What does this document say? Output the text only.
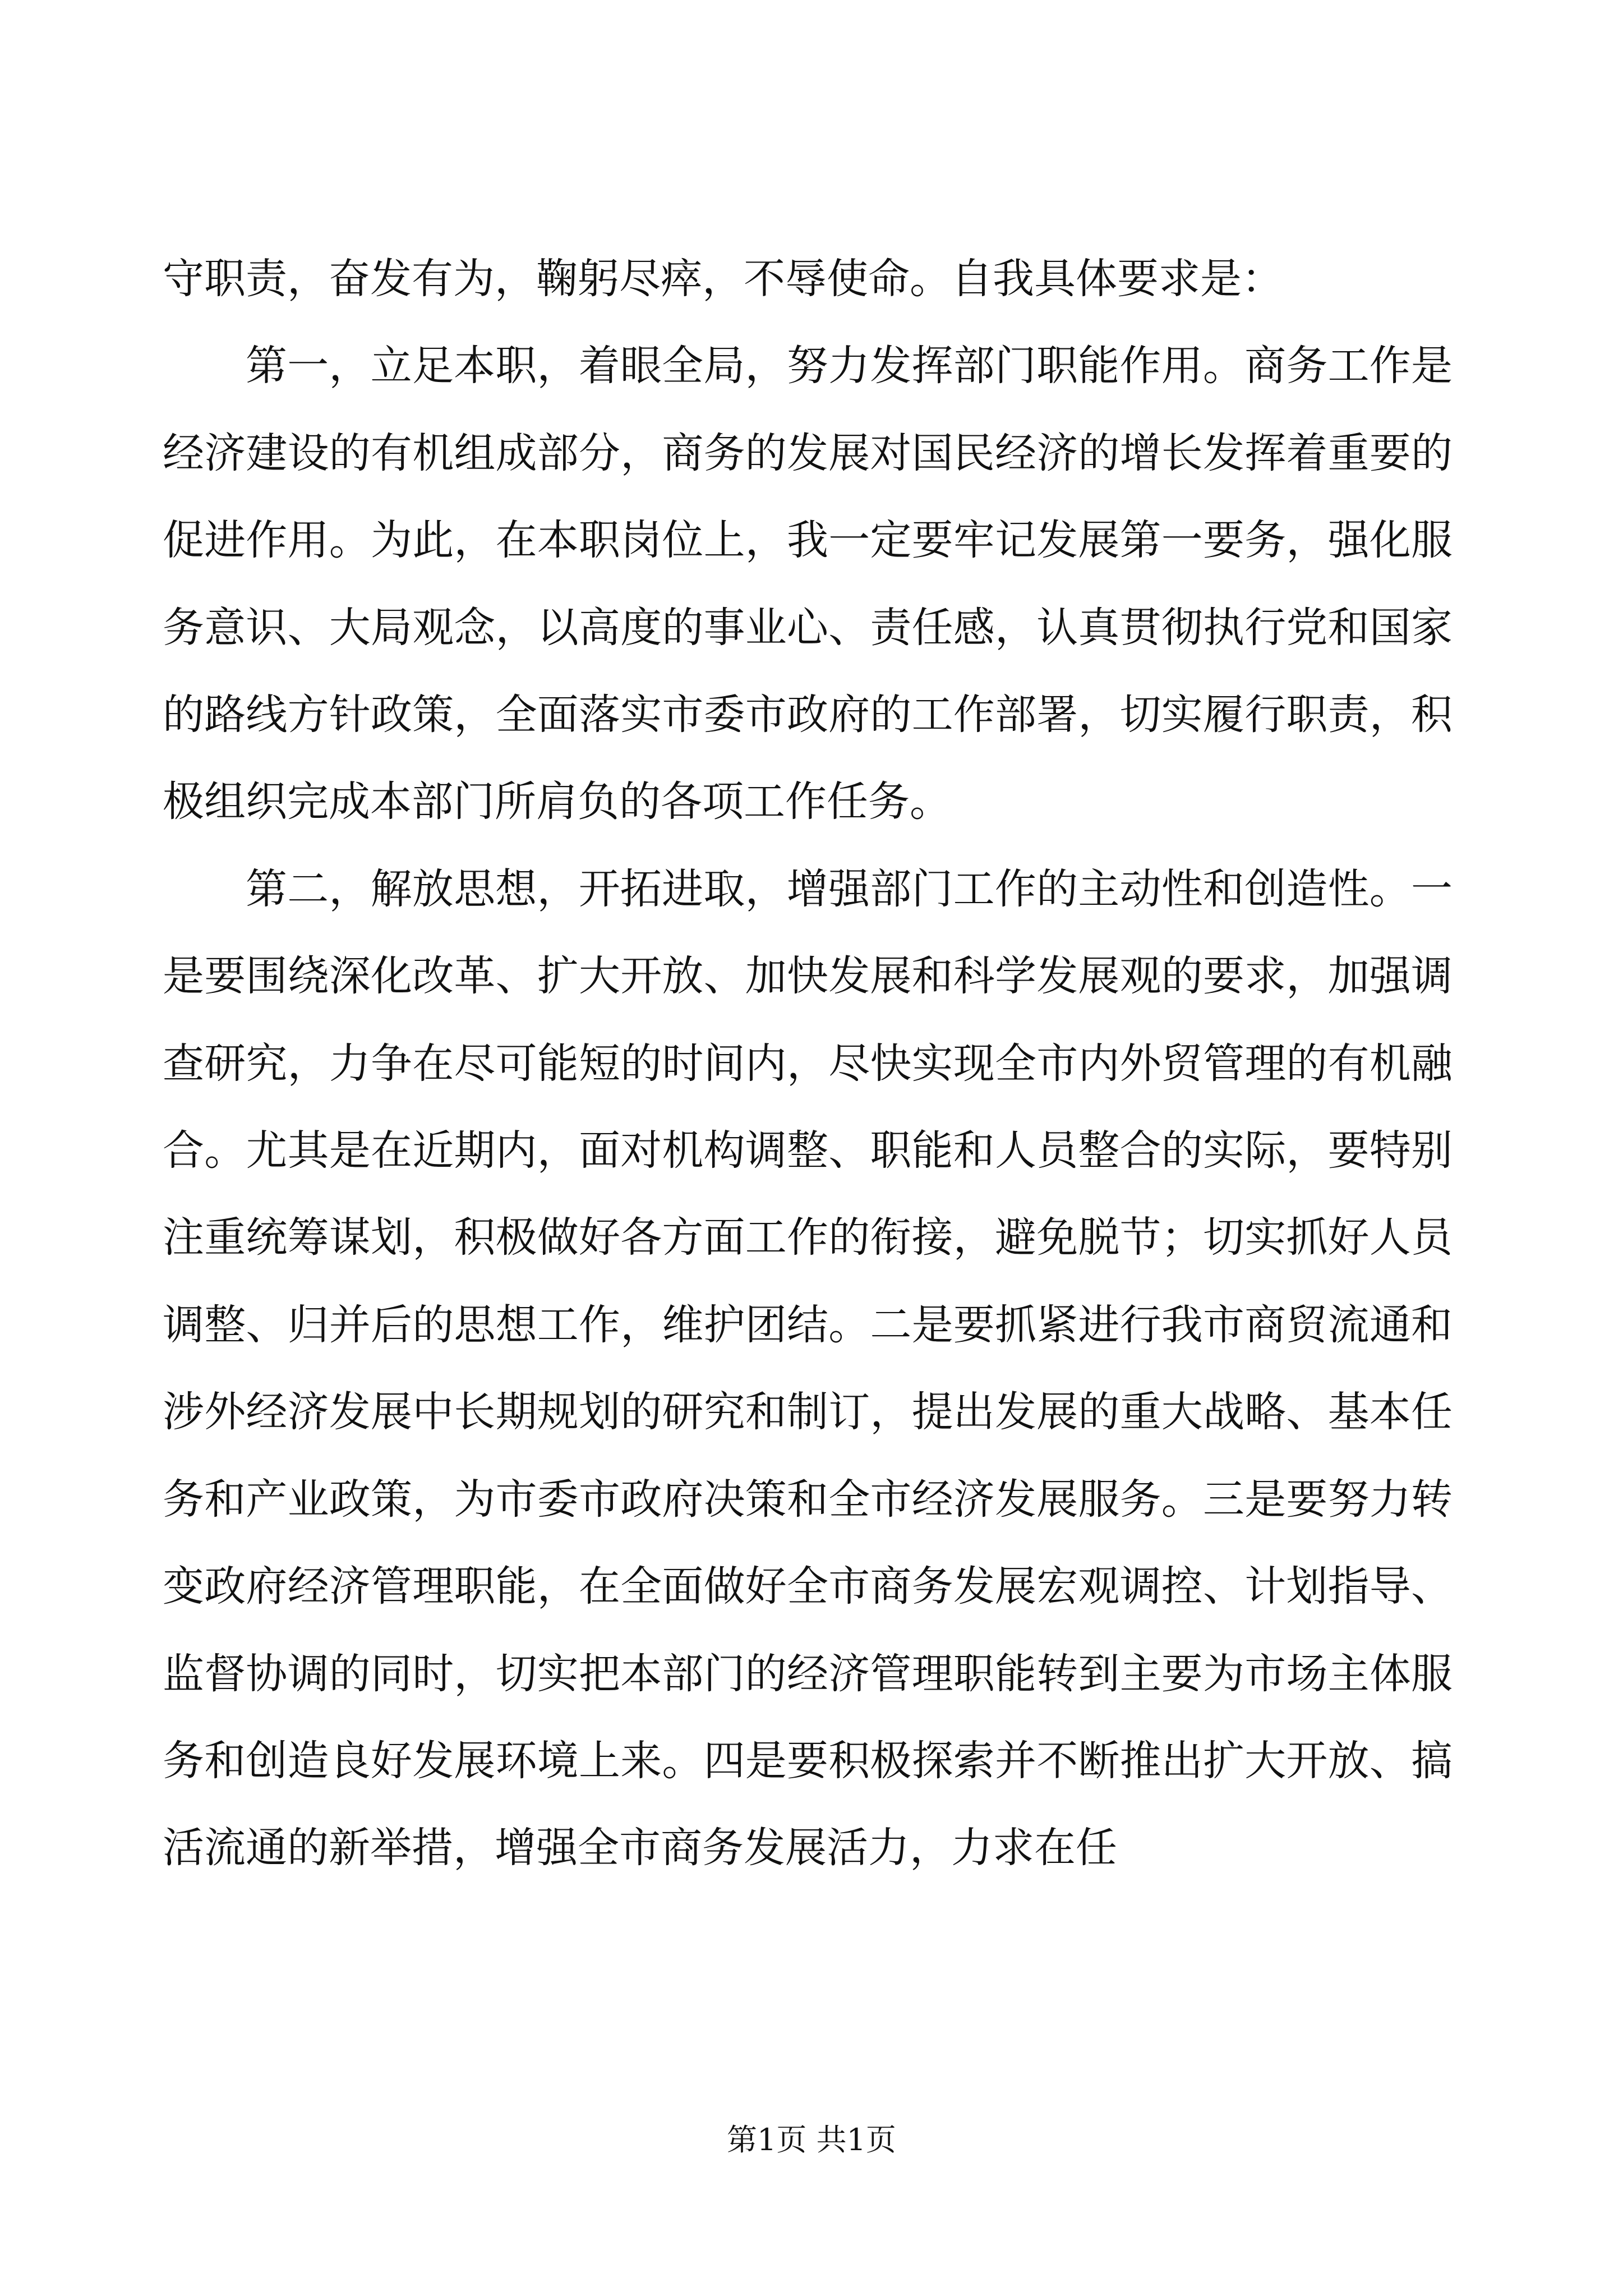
守职责，奋发有为，鞠躬尽瘁，不辱使命。自我具体要求是：

第一，立足本职，着眼全局，努力发挥部门职能作用。商务工作是经济建设的有机组成部分，商务的发展对国民经济的增长发挥着重要的促进作用。为此，在本职岗位上，我一定要牢记发展第一要务，强化服务意识、大局观念，以高度的事业心、责任感，认真贯彻执行党和国家的路线方针政策，全面落实市委市政府的工作部署，切实履行职责，积极组织完成本部门所肩负的各项工作任务。

第二，解放思想，开拓进取，增强部门工作的主动性和创造性。一是要围绕深化改革、扩大开放、加快发展和科学发展观的要求，加强调查研究，力争在尽可能短的时间内，尽快实现全市内外贸管理的有机融合。尤其是在近期内，面对机构调整、职能和人员整合的实际，要特别注重统筹谋划，积极做好各方面工作的衔接，避免脱节；切实抓好人员调整、归并后的思想工作，维护团结。二是要抓紧进行我市商贸流通和涉外经济发展中长期规划的研究和制订，提出发展的重大战略、基本任务和产业政策，为市委市政府决策和全市经济发展服务。三是要努力转变政府经济管理职能，在全面做好全市商务发展宏观调控、计划指导、监督协调的同时，切实把本部门的经济管理职能转到主要为市场主体服务和创造良好发展环境上来。四是要积极探索并不断推出扩大开放、搞活流通的新举措，增强全市商务发展活力，力求在任

第1页 共1页
